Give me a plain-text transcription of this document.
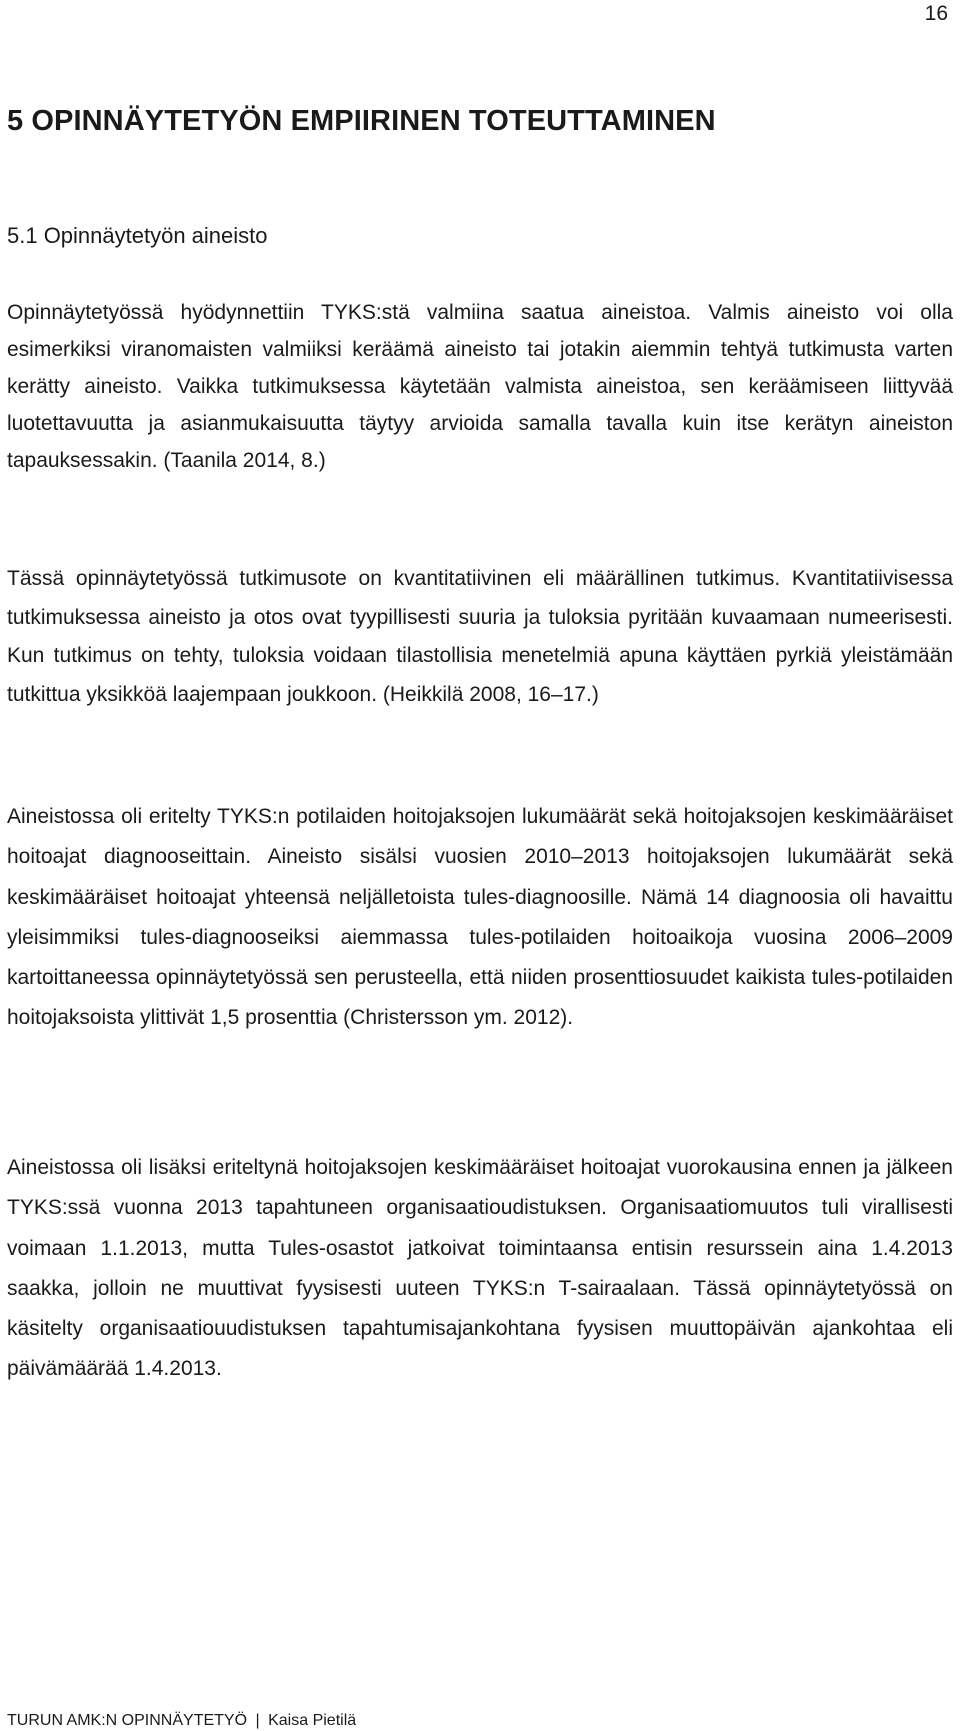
16
5 OPINNÄYTETYÖN EMPIIRINEN TOTEUTTAMINEN
5.1 Opinnäytetyön aineisto

Opinnäytetyössä hyödynnettiin TYKS:stä valmiina saatua aineistoa. Valmis aineisto voi olla esimerkiksi viranomaisten valmiiksi keräämä aineisto tai jotakin aiemmin tehtyä tutkimusta varten kerätty aineisto. Vaikka tutkimuksessa käytetään valmista aineistoa, sen keräämiseen liittyvää luotettavuutta ja asianmukaisuutta täytyy arvioida samalla tavalla kuin itse kerätyn aineiston tapauksessakin. (Taanila 2014, 8.)

Tässä opinnäytetyössä tutkimusote on kvantitatiivinen eli määrällinen tutkimus. Kvantitatiivisessa tutkimuksessa aineisto ja otos ovat tyypillisesti suuria ja tuloksia pyritään kuvaamaan numeerisesti. Kun tutkimus on tehty, tuloksia voidaan tilastollisia menetelmiä apuna käyttäen pyrkiä yleistämään tutkittua yksikköä laajempaan joukkoon. (Heikkilä 2008, 16–17.)

Aineistossa oli eritelty TYKS:n potilaiden hoitojaksojen lukumäärät sekä hoitojaksojen keskimääräiset hoitoajat diagnooseittain. Aineisto sisälsi vuosien 2010–2013 hoitojaksojen lukumäärät sekä keskimääräiset hoitoajat yhteensä neljälletoista tules-diagnoosille. Nämä 14 diagnoosia oli havaittu yleisimmiksi tules-diagnooseiksi aiemmassa tules-potilaiden hoitoaikoja vuosina 2006–2009 kartoittaneessa opinnäytetyössä sen perusteella, että niiden prosenttiosuudet kaikista tules-potilaiden hoitojaksoista ylittivät 1,5 prosenttia (Christersson ym. 2012).

Aineistossa oli lisäksi eriteltynä hoitojaksojen keskimääräiset hoitoajat vuorokausina ennen ja jälkeen TYKS:ssä vuonna 2013 tapahtuneen organisaatioudistuksen. Organisaatiomuutos tuli virallisesti voimaan 1.1.2013, mutta Tules-osastot jatkoivat toimintaansa entisin resurssein aina 1.4.2013 saakka, jolloin ne muuttivat fyysisesti uuteen TYKS:n T-sairaalaan. Tässä opinnäytetyössä on käsitelty organisaatiouudistuksen tapahtumisajankohtana fyysisen muuttopäivän ajankohtaa eli päivämäärää 1.4.2013.

TURUN AMK:N OPINNÄYTETYÖ | Kaisa Pietilä
